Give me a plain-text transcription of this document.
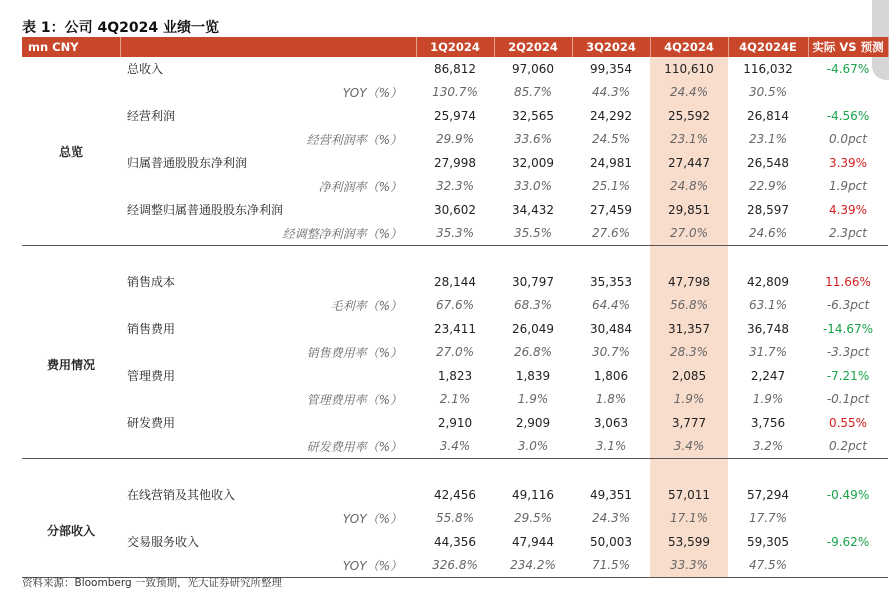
表 1：公司 4Q2024 业绩一览
mn CNY		1Q2024	2Q2024	3Q2024	4Q2024	4Q2024E	实际 VS 预测
总览	总收入	86,812	97,060	99,354	110,610	116,032	-4.67%
	YOY（%）	130.7%	85.7%	44.3%	24.4%	30.5%	
	经营利润	25,974	32,565	24,292	25,592	26,814	-4.56%
	经营利润率（%）	29.9%	33.6%	24.5%	23.1%	23.1%	0.0pct
	归属普通股股东净利润	27,998	32,009	24,981	27,447	26,548	3.39%
	净利润率（%）	32.3%	33.0%	25.1%	24.8%	22.9%	1.9pct
	经调整归属普通股股东净利润	30,602	34,432	27,459	29,851	28,597	4.39%
	经调整净利润率（%）	35.3%	35.5%	27.6%	27.0%	24.6%	2.3pct

费用情况	销售成本	28,144	30,797	35,353	47,798	42,809	11.66%
	毛利率（%）	67.6%	68.3%	64.4%	56.8%	63.1%	-6.3pct
	销售费用	23,411	26,049	30,484	31,357	36,748	-14.67%
	销售费用率（%）	27.0%	26.8%	30.7%	28.3%	31.7%	-3.3pct
	管理费用	1,823	1,839	1,806	2,085	2,247	-7.21%
	管理费用率（%）	2.1%	1.9%	1.8%	1.9%	1.9%	-0.1pct
	研发费用	2,910	2,909	3,063	3,777	3,756	0.55%
	研发费用率（%）	3.4%	3.0%	3.1%	3.4%	3.2%	0.2pct

分部收入	在线营销及其他收入	42,456	49,116	49,351	57,011	57,294	-0.49%
	YOY（%）	55.8%	29.5%	24.3%	17.1%	17.7%	
	交易服务收入	44,356	47,944	50,003	53,599	59,305	-9.62%
	YOY（%）	326.8%	234.2%	71.5%	33.3%	47.5%	
资料来源：Bloomberg 一致预期，光大证券研究所整理
